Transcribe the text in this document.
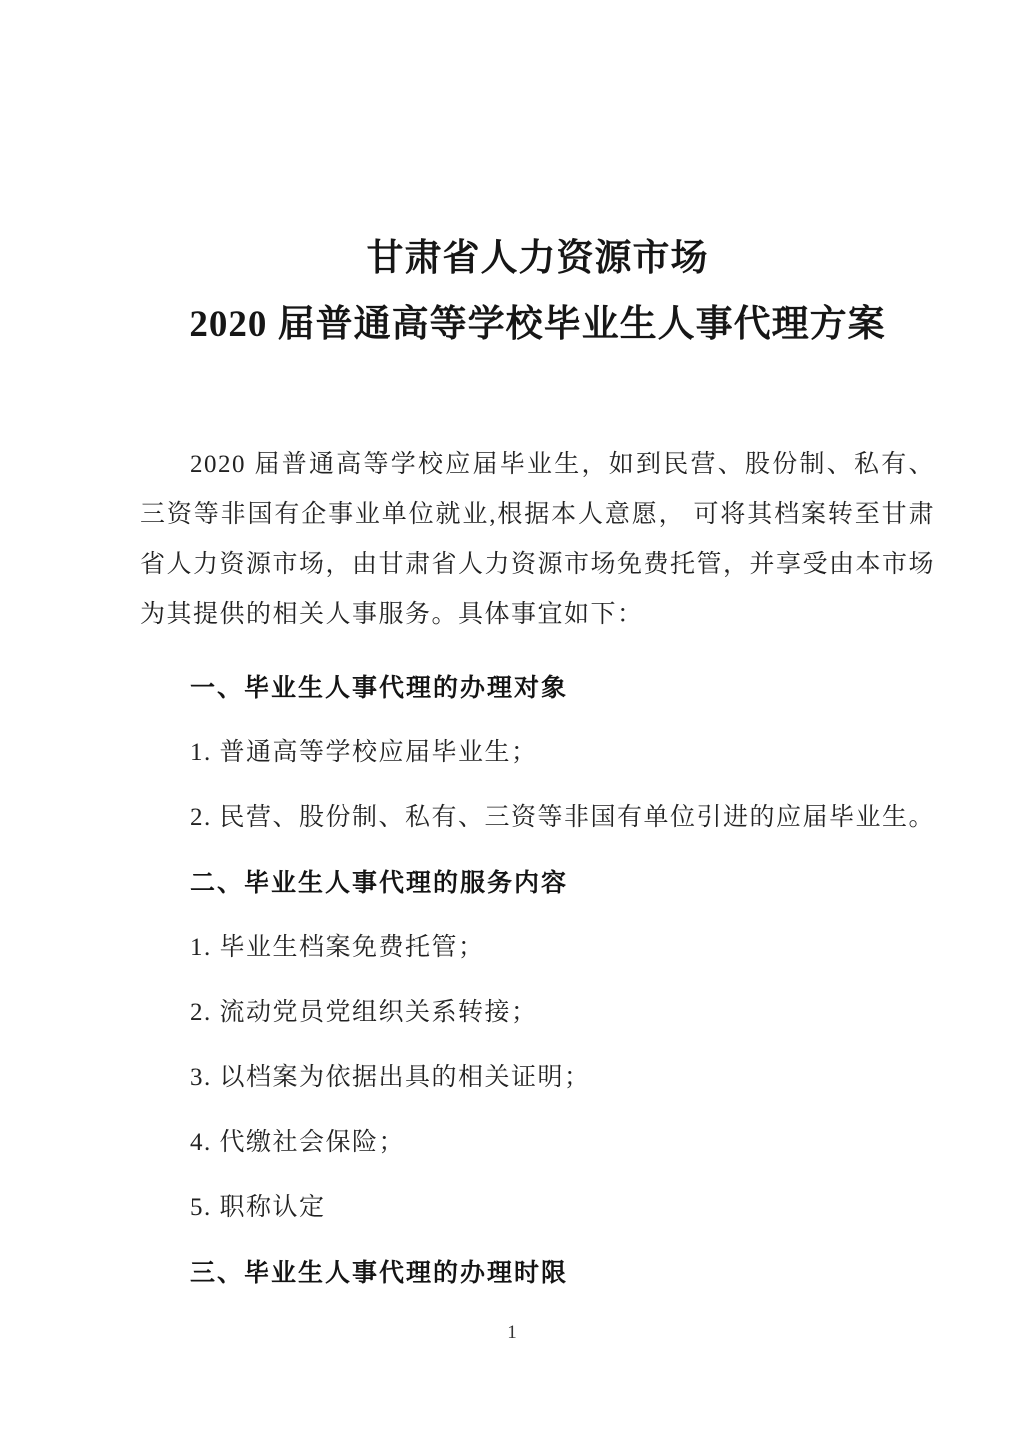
甘肃省人力资源市场
2020 届普通高等学校毕业生人事代理方案

2020 届普通高等学校应届毕业生，如到民营、股份制、私有、三资等非国有企事业单位就业,根据本人意愿， 可将其档案转至甘肃省人力资源市场，由甘肃省人力资源市场免费托管，并享受由本市场为其提供的相关人事服务。具体事宜如下：

一、毕业生人事代理的办理对象

1. 普通高等学校应届毕业生；

2. 民营、股份制、私有、三资等非国有单位引进的应届毕业生。

二、毕业生人事代理的服务内容

1. 毕业生档案免费托管；

2. 流动党员党组织关系转接；

3. 以档案为依据出具的相关证明；

4. 代缴社会保险；

5. 职称认定

三、毕业生人事代理的办理时限

1
